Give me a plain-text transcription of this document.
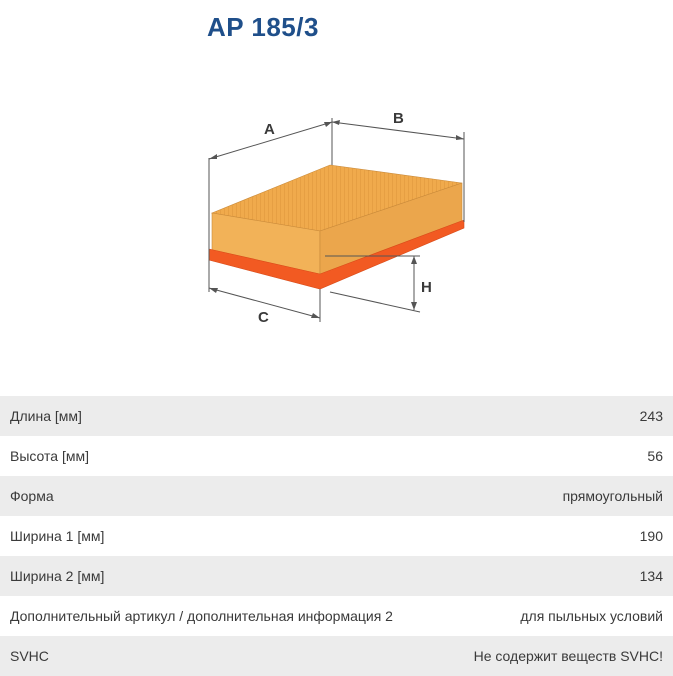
AP 185/3
A
B
C
H
Длина [мм]	243
Высота [мм]	56
Форма	прямоугольный
Ширина 1 [мм]	190
Ширина 2 [мм]	134
Дополнительный артикул / дополнительная информация 2	для пыльных условий
SVHC	Не содержит веществ SVHC!
